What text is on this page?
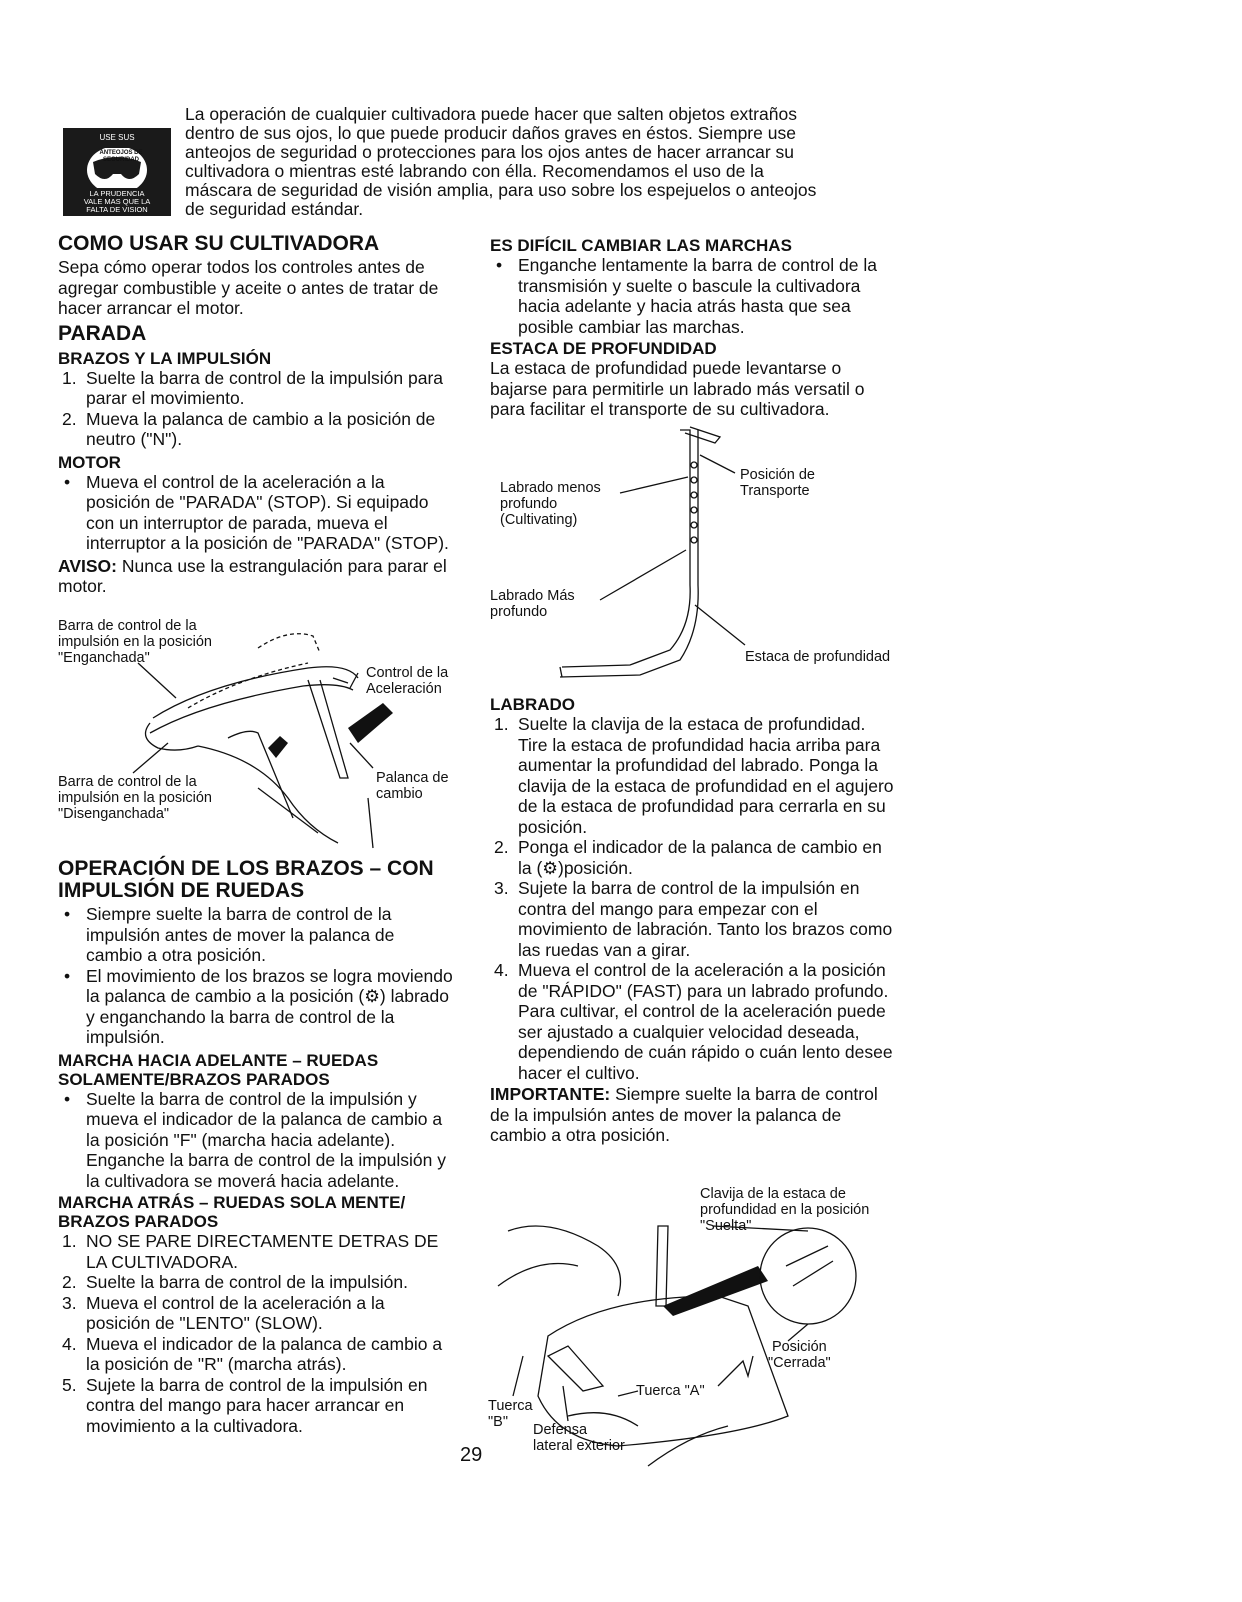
USE SUS
ANTEOJOS DE
SEGURIDAD
LA PRUDENCIA
VALE MAS QUE LA
FALTA DE VISION
La operación de cualquier cultivadora puede hacer que salten objetos extraños
dentro de sus ojos, lo que puede producir daños graves en éstos. Siempre use
anteojos de seguridad o protecciones para los ojos antes de hacer arrancar su
cultivadora o mientras esté labrando con élla. Recomendamos el uso de la
máscara de seguridad de visión amplia, para uso sobre los espejuelos o anteojos
de seguridad estándar.
COMO USAR SU CULTIVADORA
Sepa cómo operar todos los controles antes de agregar combustible y aceite o antes de tratar de hacer arrancar el motor.
PARADA
BRAZOS Y LA IMPULSIÓN
1. Suelte la barra de control de la impulsión para parar el movimiento.
2. Mueva la palanca de cambio a la posición de neutro ("N").
MOTOR
• Mueva el control de la aceleración a la posición de "PARADA" (STOP). Si equipado con un interruptor de parada, mueva el interruptor a la posición de "PARADA" (STOP).
AVISO: Nunca use la estrangulación para parar el motor.
Barra de control de la
impulsión en la posición
"Enganchada"
Control de la
Aceleración
Barra de control de la
impulsión en la posición
"Disenganchada"
Palanca de
cambio
OPERACIÓN DE LOS BRAZOS – CON
IMPULSIÓN DE RUEDAS
• Siempre suelte la barra de control de la impulsión antes de mover la palanca de cambio a otra posición.
• El movimiento de los brazos se logra moviendo la palanca de cambio a la posición (⚙) labrado y enganchando la barra de control de la impulsión.
MARCHA HACIA ADELANTE – RUEDAS
SOLAMENTE/BRAZOS PARADOS
• Suelte la barra de control de la impulsión y mueva el indicador de la palanca de cambio a la posición "F" (marcha hacia adelante). Enganche la barra de control de la impulsión y la cultivadora se moverá hacia adelante.
MARCHA ATRÁS – RUEDAS SOLA MENTE/
BRAZOS PARADOS
1. NO SE PARE DIRECTAMENTE DETRAS DE LA CULTIVADORA.
2. Suelte la barra de control de la impulsión.
3. Mueva el control de la aceleración a la posición de "LENTO" (SLOW).
4. Mueva el indicador de la palanca de cambio a la posición de "R" (marcha atrás).
5. Sujete la barra de control de la impulsión en contra del mango para hacer arrancar en movimiento a la cultivadora.
ES DIFÍCIL CAMBIAR LAS MARCHAS
• Enganche lentamente la barra de control de la transmisión y suelte o bascule la cultivadora hacia adelante y hacia atrás hasta que sea posible cambiar las marchas.
ESTACA DE PROFUNDIDAD
La estaca de profundidad puede levantarse o bajarse para permitirle un labrado más versatil o para facilitar el transporte de su cultivadora.
Labrado menos
profundo
(Cultivating)
Posición de
Transporte
Labrado Más
profundo
Estaca de profundidad
LABRADO
1. Suelte la clavija de la estaca de profundidad. Tire la estaca de profundidad hacia arriba para aumentar la profundidad del labrado. Ponga la clavija de la estaca de profundidad en el agujero de la estaca de profundidad para cerrarla en su posición.
2. Ponga el indicador de la palanca de cambio en la (⚙)posición.
3. Sujete la barra de control de la impulsión en contra del mango para empezar con el movimiento de labración. Tanto los brazos como las ruedas van a girar.
4. Mueva el control de la aceleración a la posición de "RÁPIDO" (FAST) para un labrado profundo. Para cultivar, el control de la aceleración puede ser ajustado a cualquier velocidad deseada, dependiendo de cuán rápido o cuán lento desee hacer el cultivo.
IMPORTANTE: Siempre suelte la barra de control de la impulsión antes de mover la palanca de cambio a otra posición.
Clavija de la estaca de
profundidad en la posición
"Suelta"
Posición
"Cerrada"
Tuerca "A"
Tuerca
"B"	Defensa
lateral exterior
29
